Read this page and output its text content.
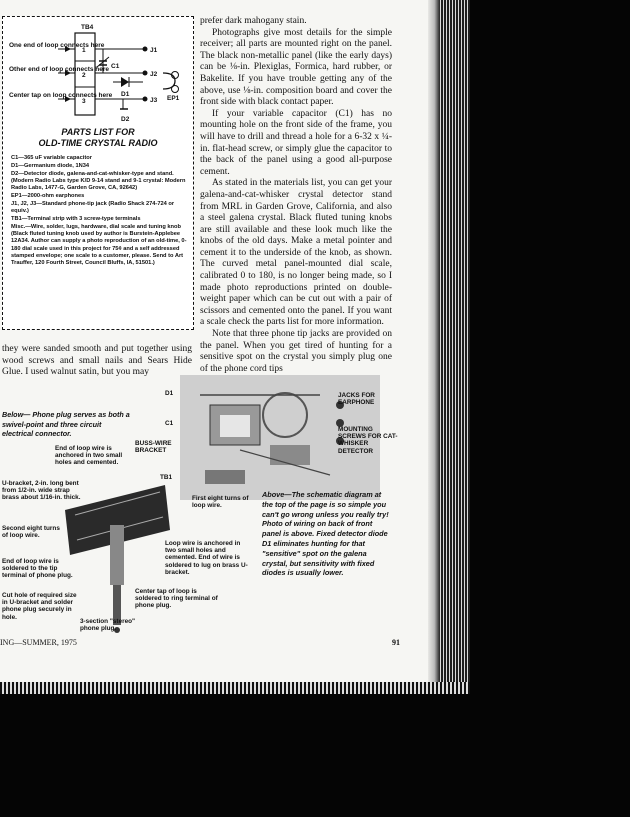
TB4
1
2
3
C1
D1
D2
J1
J2
J3 EP1
One end of loop connects here
Other end of loop connects here
Center tap on loop connects here
PARTS LIST FOR
OLD-TIME CRYSTAL RADIO

C1—365 uF variable capacitor

D1—Germanium diode, 1N34

D2—Detector diode, galena-and-cat-whisker-type and stand. (Modern Radio Labs type K/D 9-14 stand and 9-1 crystal: Modern Radio Labs, 1477-G, Garden Grove, CA, 92642)

EP1—2000-ohm earphones

J1, J2, J3—Standard phone-tip jack (Radio Shack 274-724 or equiv.)

TB1—Terminal strip with 3 screw-type terminals

Misc.—Wire, solder, lugs, hardware, dial scale and tuning knob (Black fluted tuning knob used by author is Burstein-Applebee 12A34. Author can supply a photo reproduction of an old-time, 0-180 dial scale used in this project for 75¢ and a self addressed stamped envelope; one scale to a customer, please. Send to Art Trauffer, 120 Fourth Street, Council Bluffs, IA, 51501.)

they were sanded smooth and put together using wood screws and small nails and Sears Hide Glue. I used walnut satin, but you may

prefer dark mahogany stain.

Photographs give most details for the simple receiver; all parts are mounted right on the panel. The black non-metallic panel (like the early days) can be ⅛-in. Plexiglas, Formica, hard rubber, or Bakelite. If you have trouble getting any of the above, use ⅛-in. composition board and cover the front side with black contact paper.

If your variable capacitor (C1) has no mounting hole on the front side of the frame, you will have to drill and thread a hole for a 6-32 x ¼-in. flat-head screw, or simply glue the capacitor to the back of the panel using a good all-purpose cement.

As stated in the materials list, you can get your galena-and-cat-whisker crystal detector stand from MRL in Garden Grove, California, and also a steel galena crystal. Black fluted tuning knobs are still available and these look much like the knobs of the old days. Make a metal pointer and cement it to the underside of the knob, as shown. The curved metal panel-mounted dial scale, calibrated 0 to 180, is no longer being made, so I made photo reproductions printed on double-weight paper which can be cut out with a pair of scissors and cemented onto the panel. If you want a scale check the parts list for more information.

Note that three phone tip jacks are provided on the panel. When you get tired of hunting for a sensitive spot on the crystal you simply plug one of the phone cord tips

D1
C1
BUSS-WIRE BRACKET
TB1
JACKS FOR EARPHONE
MOUNTING SCREWS FOR CAT-WHISKER DETECTOR
Below— Phone plug serves as both a swivel-point and three circuit electrical connector.
End of loop wire is anchored in two small holes and cemented.
U-bracket, 2-in. long bent from 1/2-in. wide strap brass about 1/16-in. thick.	First eight turns of loop wire.
Second eight turns of loop wire.
Loop wire is anchored in two small holes and cemented. End of wire is soldered to lug on brass U-bracket.
End of loop wire is soldered to the tip terminal of phone plug.
Center tap of loop is soldered to ring terminal of phone plug.
Cut hole of required size in U-bracket and solder phone plug securely in hole.
3-section "stereo" phone plug.
Above—The schematic diagram at the top of the page is so simple you can't go wrong unless you really try! Photo of wiring on back of front panel is above. Fixed detector diode D1 eliminates hunting for that "sensitive" spot on the galena crystal, but sensitivity with fixed diodes is usually lower.
ING—SUMMER, 1975	91
